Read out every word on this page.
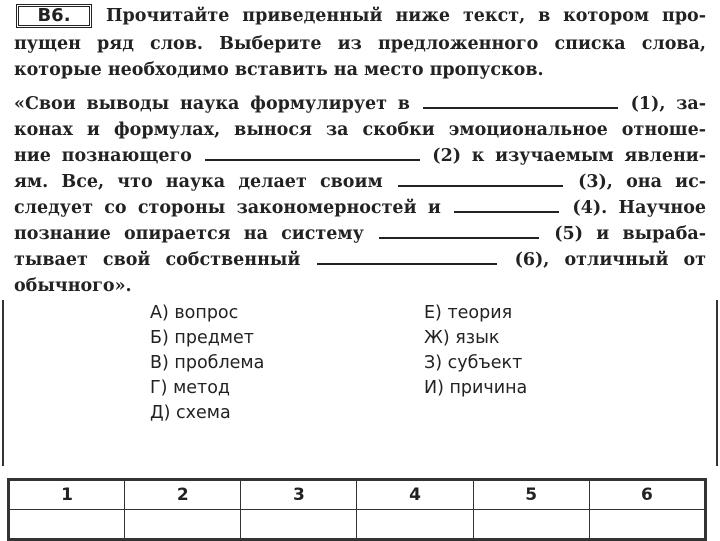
B6.	Прочитайте приведенный ниже текст, в котором про-
пущен ряд слов. Выберите из предложенного списка слова,
которые необходимо вставить на место пропусков.
«Свои выводы наука формулирует в	(1), за-
конах и формулах, вынося за скобки эмоциональное отноше-
ние познающего	(2) к изучаемым явлени-
ям. Все, что наука делает своим	(3), она ис-
следует со стороны закономерностей и	(4). Научное
познание опирается на систему	(5) и выраба-
тывает свой собственный	(6), отличный от
обычного».
А) вопрос
Б) предмет
В) проблема
Г) метод
Д) схема
Е) теория
Ж) язык
З) субъект
И) причина
1	2	3	4	5	6
